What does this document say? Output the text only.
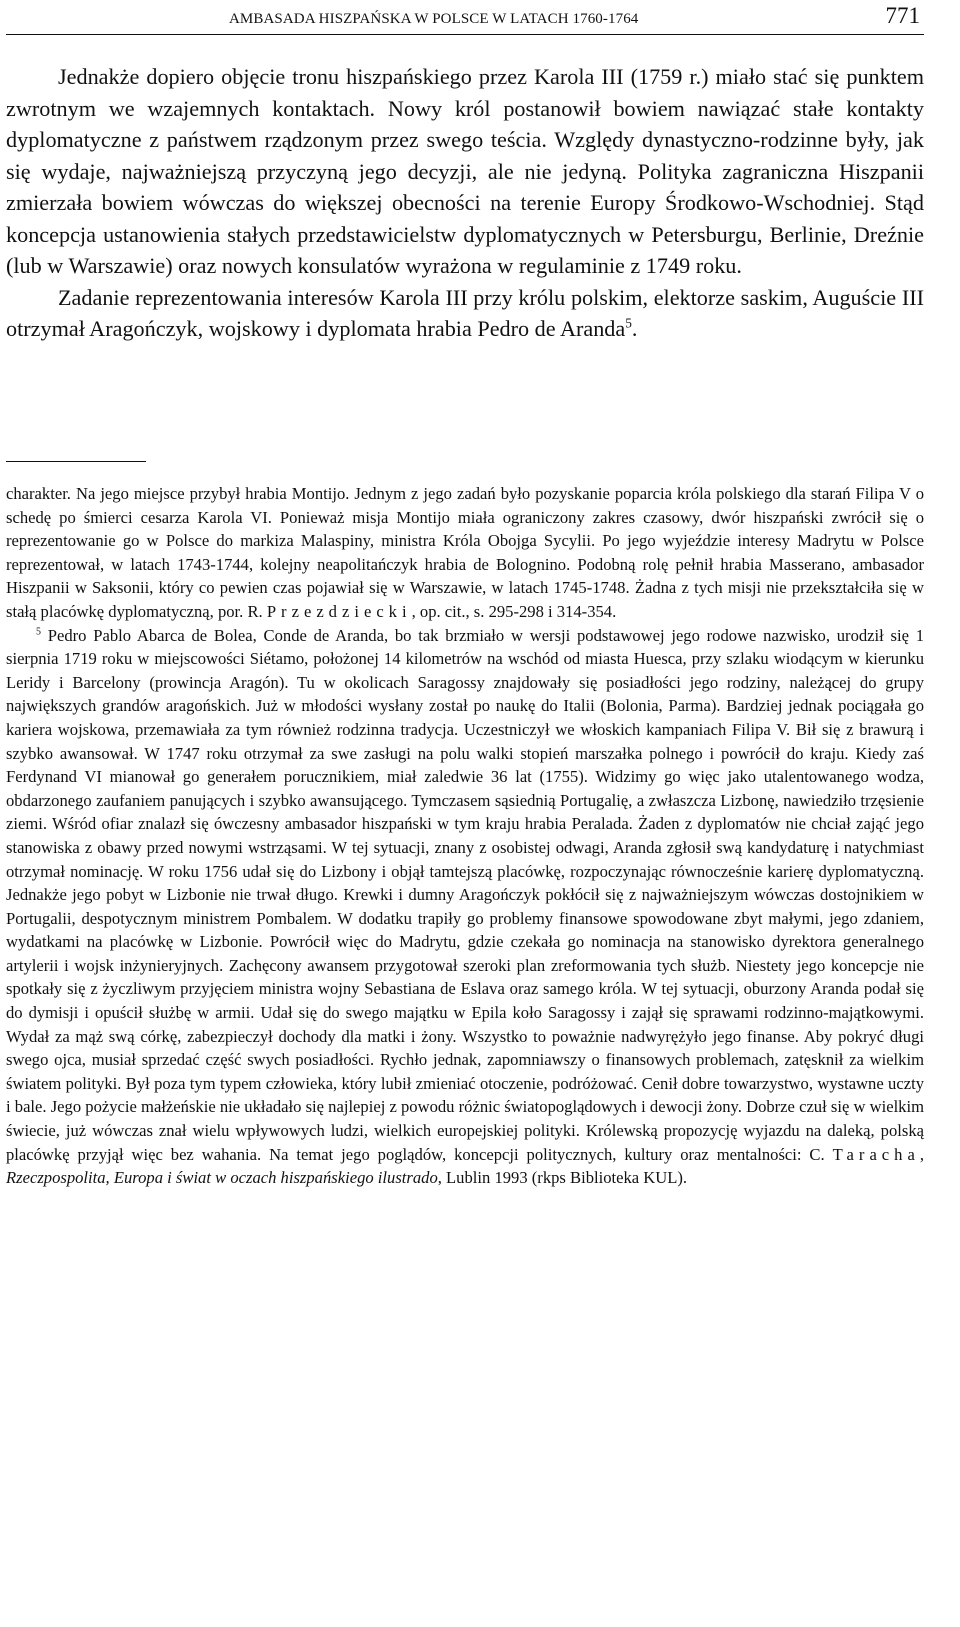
AMBASADA HISZPAŃSKA W POLSCE W LATACH 1760-1764	771

Jednakże dopiero objęcie tronu hiszpańskiego przez Karola III (1759 r.) miało stać się punktem zwrotnym we wzajemnych kontaktach. Nowy król postanowił bowiem nawiązać stałe kontakty dyplomatyczne z państwem rządzonym przez swego teścia. Względy dynastyczno-rodzinne były, jak się wydaje, najważniejszą przyczyną jego decyzji, ale nie jedyną. Polityka zagraniczna Hiszpanii zmierzała bowiem wówczas do większej obecności na terenie Europy Środkowo-Wschodniej. Stąd koncepcja ustanowienia stałych przedstawicielstw dyplomatycznych w Petersburgu, Berlinie, Dreźnie (lub w Warszawie) oraz nowych konsulatów wyrażona w regulaminie z 1749 roku.

Zadanie reprezentowania interesów Karola III przy królu polskim, elektorze saskim, Auguście III otrzymał Aragończyk, wojskowy i dyplomata hrabia Pedro de Aranda$^5$.

charakter. Na jego miejsce przybył hrabia Montijo. Jednym z jego zadań było pozyskanie poparcia króla polskiego dla starań Filipa V o schedę po śmierci cesarza Karola VI. Ponieważ misja Montijo miała ograniczony zakres czasowy, dwór hiszpański zwrócił się o reprezentowanie go w Polsce do markiza Malaspiny, ministra Króla Obojga Sycylii. Po jego wyjeździe interesy Madrytu w Polsce reprezentował, w latach 1743-1744, kolejny neapolitańczyk hrabia de Bolognino. Podobną rolę pełnił hrabia Masserano, ambasador Hiszpanii w Saksonii, który co pewien czas pojawiał się w Warszawie, w latach 1745-1748. Żadna z tych misji nie przekształciła się w stałą placówkę dyplomatyczną, por. R. Przezdziecki, op. cit., s. 295-298 i 314-354.

$^5$ Pedro Pablo Abarca de Bolea, Conde de Aranda, bo tak brzmiało w wersji podstawowej jego rodowe nazwisko, urodził się 1 sierpnia 1719 roku w miejscowości Siétamo, położonej 14 kilometrów na wschód od miasta Huesca, przy szlaku wiodącym w kierunku Leridy i Barcelony (prowincja Aragón). Tu w okolicach Saragossy znajdowały się posiadłości jego rodziny, należącej do grupy największych grandów aragońskich. Już w młodości wysłany został po naukę do Italii (Bolonia, Parma). Bardziej jednak pociągała go kariera wojskowa, przemawiała za tym również rodzinna tradycja. Uczestniczył we włoskich kampaniach Filipa V. Bił się z brawurą i szybko awansował. W 1747 roku otrzymał za swe zasługi na polu walki stopień marszałka polnego i powrócił do kraju. Kiedy zaś Ferdynand VI mianował go generałem porucznikiem, miał zaledwie 36 lat (1755). Widzimy go więc jako utalentowanego wodza, obdarzonego zaufaniem panujących i szybko awansującego. Tymczasem sąsiednią Portugalię, a zwłaszcza Lizbonę, nawiedziło trzęsienie ziemi. Wśród ofiar znalazł się ówczesny ambasador hiszpański w tym kraju hrabia Peralada. Żaden z dyplomatów nie chciał zająć jego stanowiska z obawy przed nowymi wstrząsami. W tej sytuacji, znany z osobistej odwagi, Aranda zgłosił swą kandydaturę i natychmiast otrzymał nominację. W roku 1756 udał się do Lizbony i objął tamtejszą placówkę, rozpoczynając równocześnie karierę dyplomatyczną. Jednakże jego pobyt w Lizbonie nie trwał długo. Krewki i dumny Aragończyk pokłócił się z najważniejszym wówczas dostojnikiem w Portugalii, despotycznym ministrem Pombalem. W dodatku trapiły go problemy finansowe spowodowane zbyt małymi, jego zdaniem, wydatkami na placówkę w Lizbonie. Powrócił więc do Madrytu, gdzie czekała go nominacja na stanowisko dyrektora generalnego artylerii i wojsk inżynieryjnych. Zachęcony awansem przygotował szeroki plan zreformowania tych służb. Niestety jego koncepcje nie spotkały się z życzliwym przyjęciem ministra wojny Sebastiana de Eslava oraz samego króla. W tej sytuacji, oburzony Aranda podał się do dymisji i opuścił służbę w armii. Udał się do swego majątku w Epila koło Saragossy i zajął się sprawami rodzinno-majątkowymi. Wydał za mąż swą córkę, zabezpieczył dochody dla matki i żony. Wszystko to poważnie nadwyrężyło jego finanse. Aby pokryć długi swego ojca, musiał sprzedać część swych posiadłości. Rychło jednak, zapomniawszy o finansowych problemach, zatęsknił za wielkim światem polityki. Był poza tym typem człowieka, który lubił zmieniać otoczenie, podróżować. Cenił dobre towarzystwo, wystawne uczty i bale. Jego pożycie małżeńskie nie układało się najlepiej z powodu różnic światopoglądowych i dewocji żony. Dobrze czuł się w wielkim świecie, już wówczas znał wielu wpływowych ludzi, wielkich europejskiej polityki. Królewską propozycję wyjazdu na daleką, polską placówkę przyjął więc bez wahania. Na temat jego poglądów, koncepcji politycznych, kultury oraz mentalności: C. Taracha, Rzeczpospolita, Europa i świat w oczach hiszpańskiego ilustrado, Lublin 1993 (rkps Biblioteka KUL).
